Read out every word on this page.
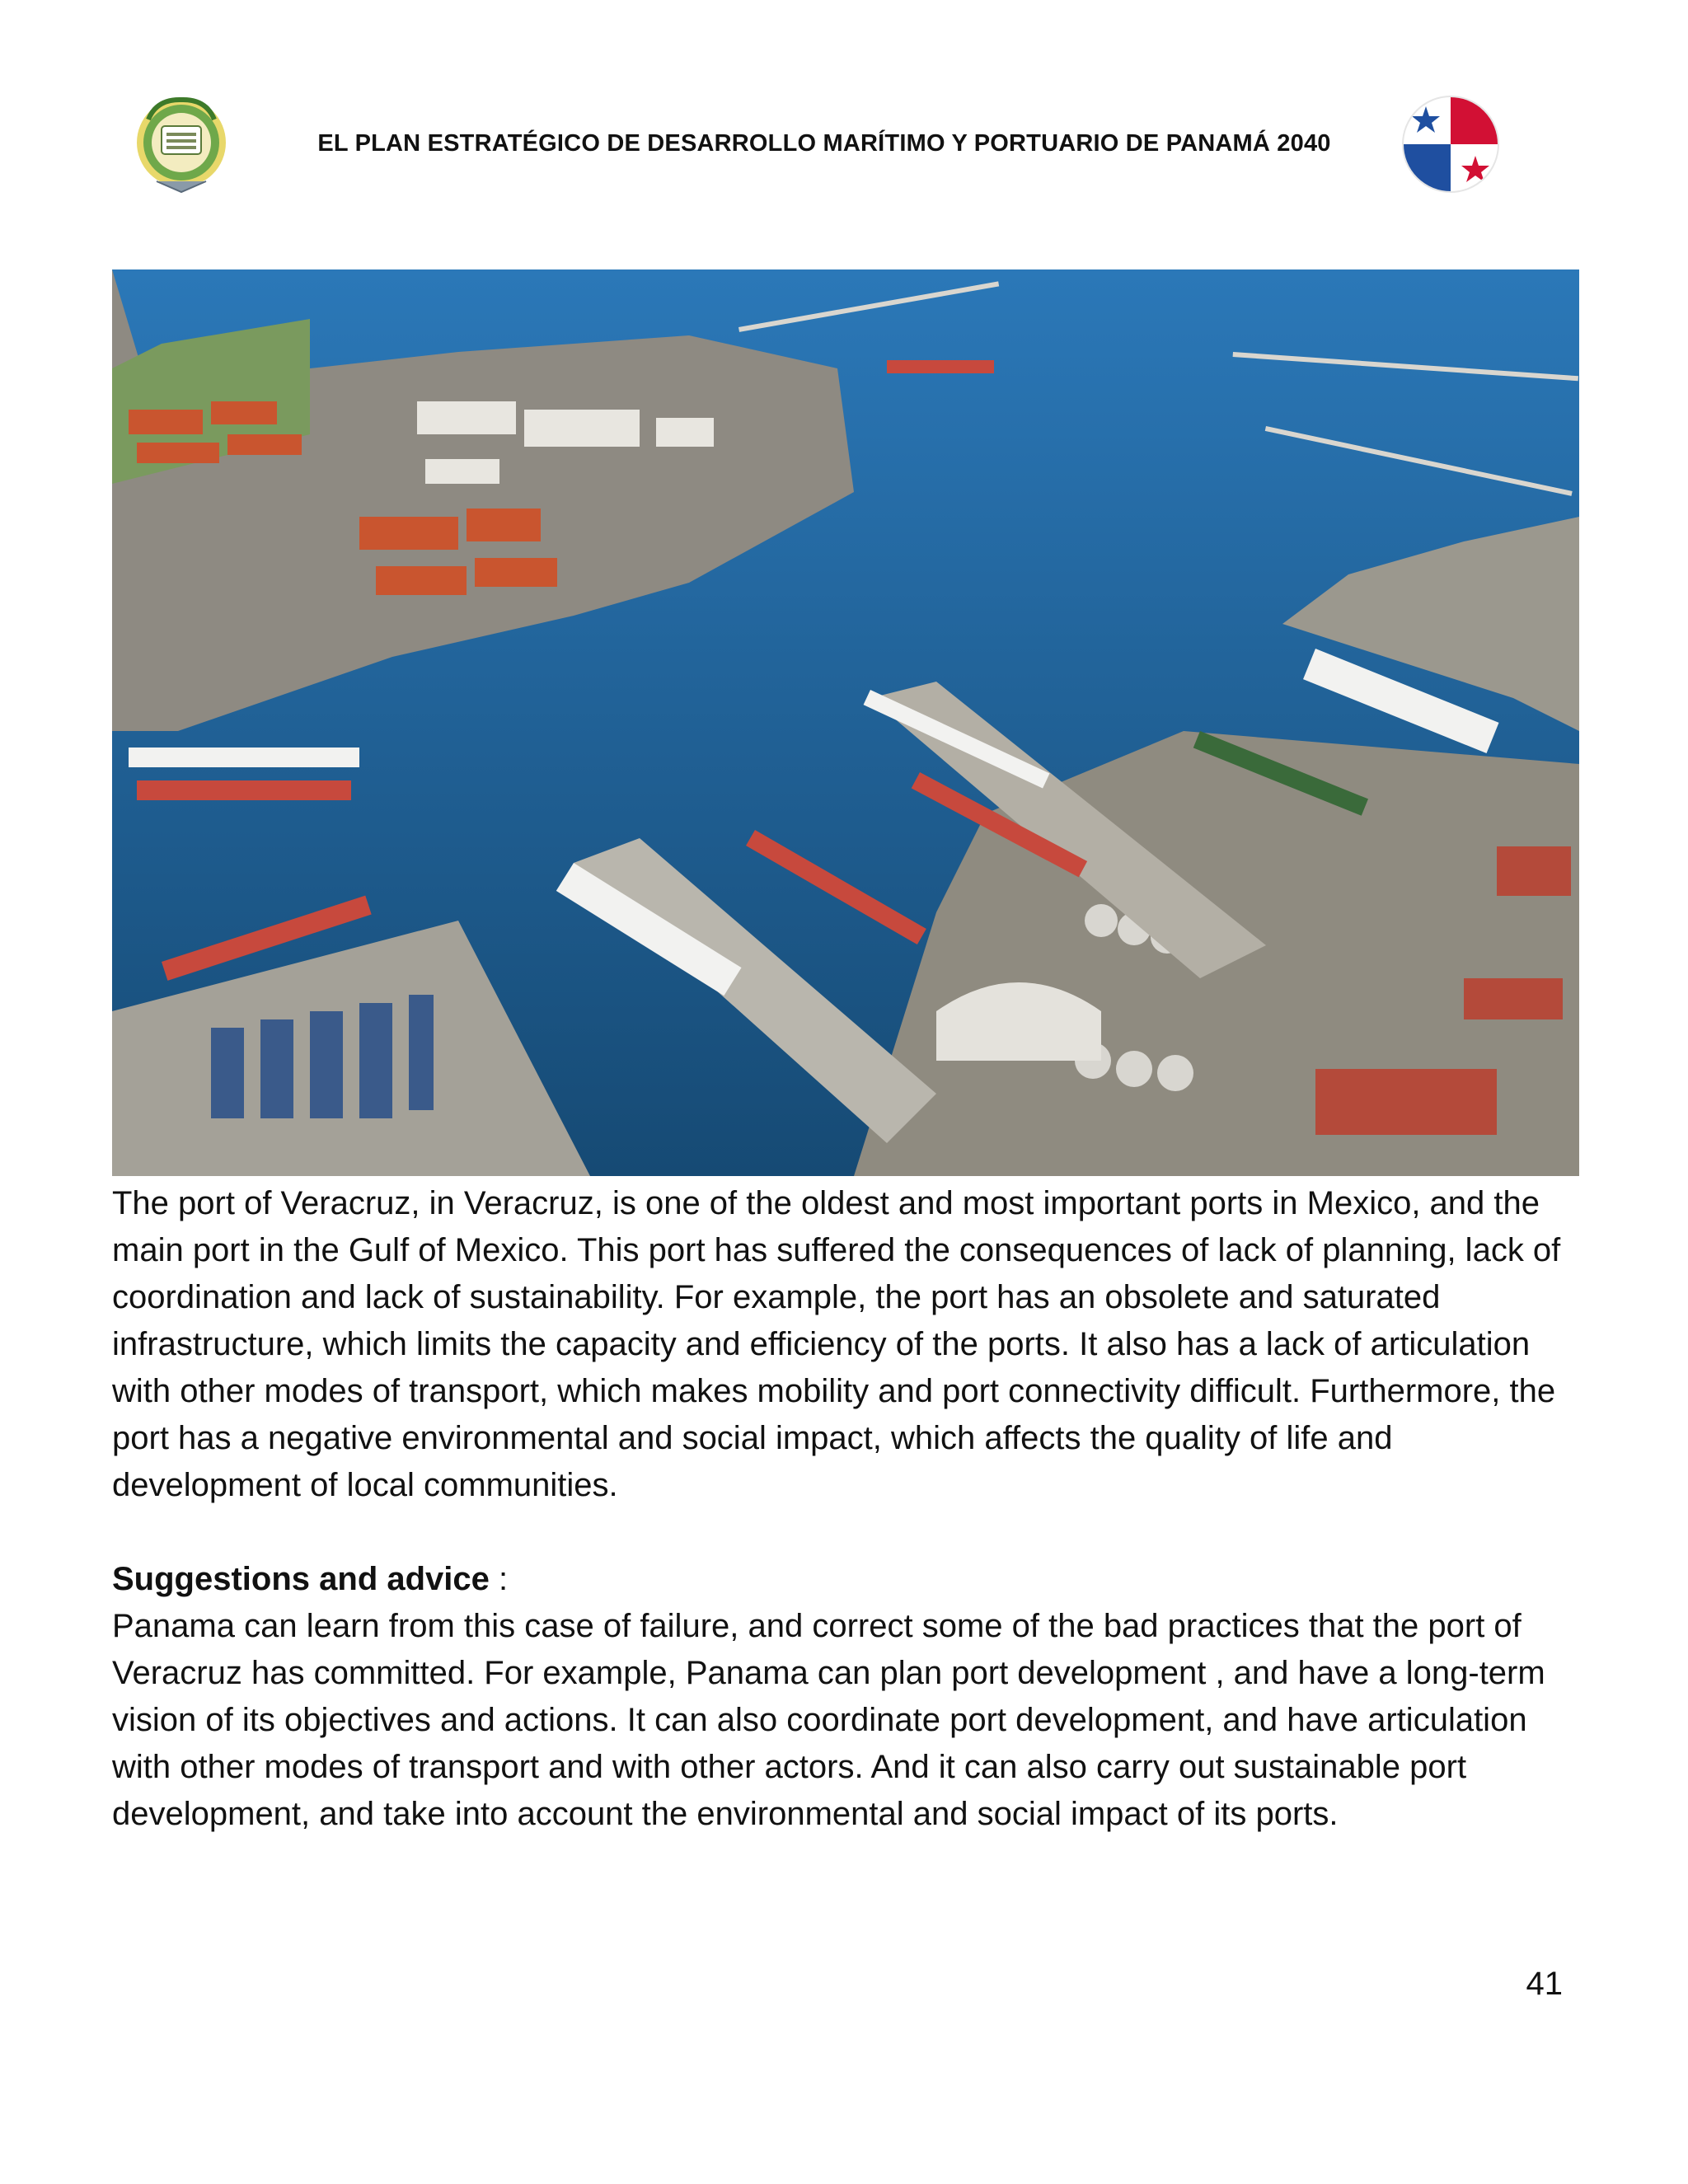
EL PLAN ESTRATÉGICO DE DESARROLLO MARÍTIMO Y PORTUARIO DE PANAMÁ 2040

The port of Veracruz, in Veracruz, is one of the oldest and most important ports in Mexico, and the main port in the Gulf of Mexico. This port has suffered the consequences of lack of planning, lack of coordination and lack of sustainability. For example, the port has an obsolete and saturated infrastructure, which limits the capacity and efficiency of the ports. It also has a lack of articulation with other modes of transport, which makes mobility and port connectivity difficult. Furthermore, the port has a negative environmental and social impact, which affects the quality of life and development of local communities.

Suggestions and advice :

Panama can learn from this case of failure, and correct some of the bad practices that the port of Veracruz has committed. For example, Panama can plan port development , and have a long-term vision of its objectives and actions. It can also coordinate port development, and have articulation with other modes of transport and with other actors. And it can also carry out sustainable port development, and take into account the environmental and social impact of its ports.

41
